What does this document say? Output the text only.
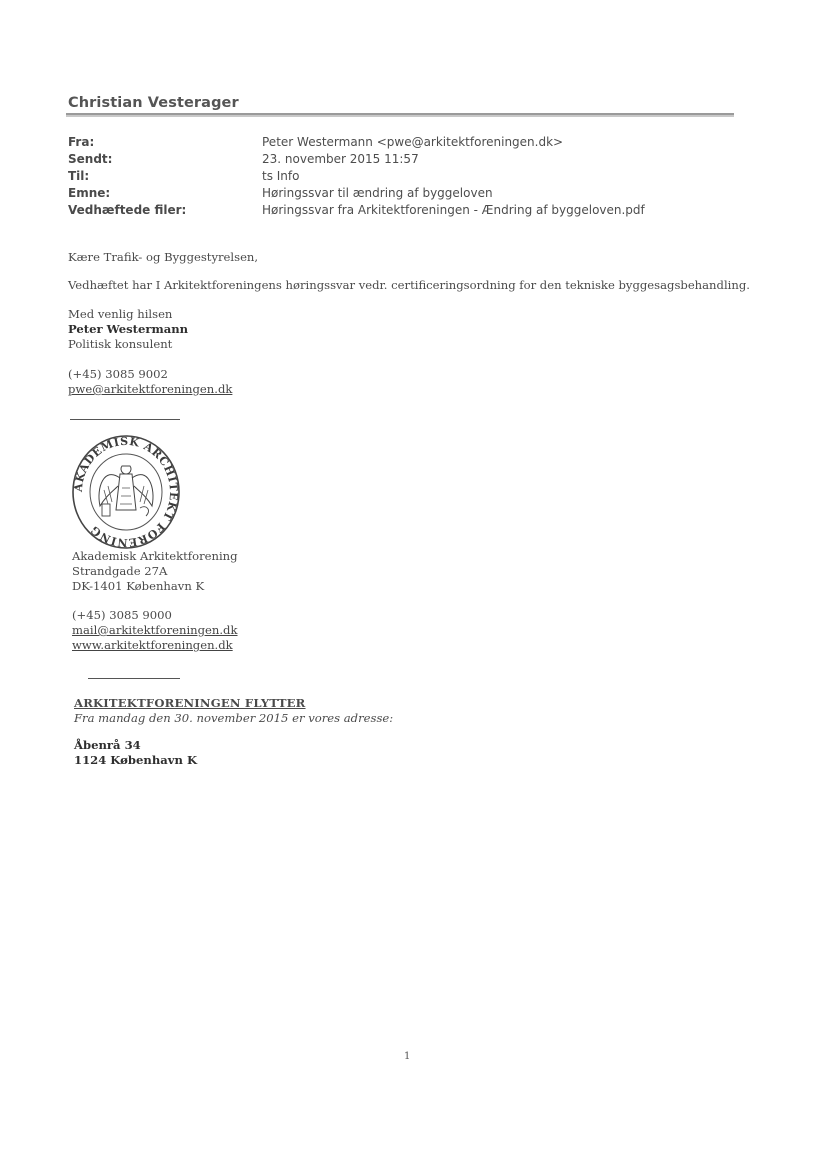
Christian Vesterager
Fra:	Peter Westermann <pwe@arkitektforeningen.dk>
Sendt:	23. november 2015 11:57
Til:	ts Info
Emne:	Høringssvar til ændring af byggeloven
Vedhæftede filer:	Høringssvar fra Arkitektforeningen - Ændring af byggeloven.pdf
Kære Trafik- og Byggestyrelsen,
Vedhæftet har I Arkitektforeningens høringssvar vedr. certificeringsordning for den tekniske byggesagsbehandling.
Med venlig hilsen
Peter Westermann
Politisk konsulent
(+45) 3085 9002
pwe@arkitektforeningen.dk
AKADEMISK ARCHITEKT FORENING
Akademisk Arkitektforening
Strandgade 27A
DK-1401 København K
(+45) 3085 9000
mail@arkitektforeningen.dk
www.arkitektforeningen.dk
ARKITEKTFORENINGEN FLYTTER
Fra mandag den 30. november 2015 er vores adresse:
Åbenrå 34
1124 København K
1
